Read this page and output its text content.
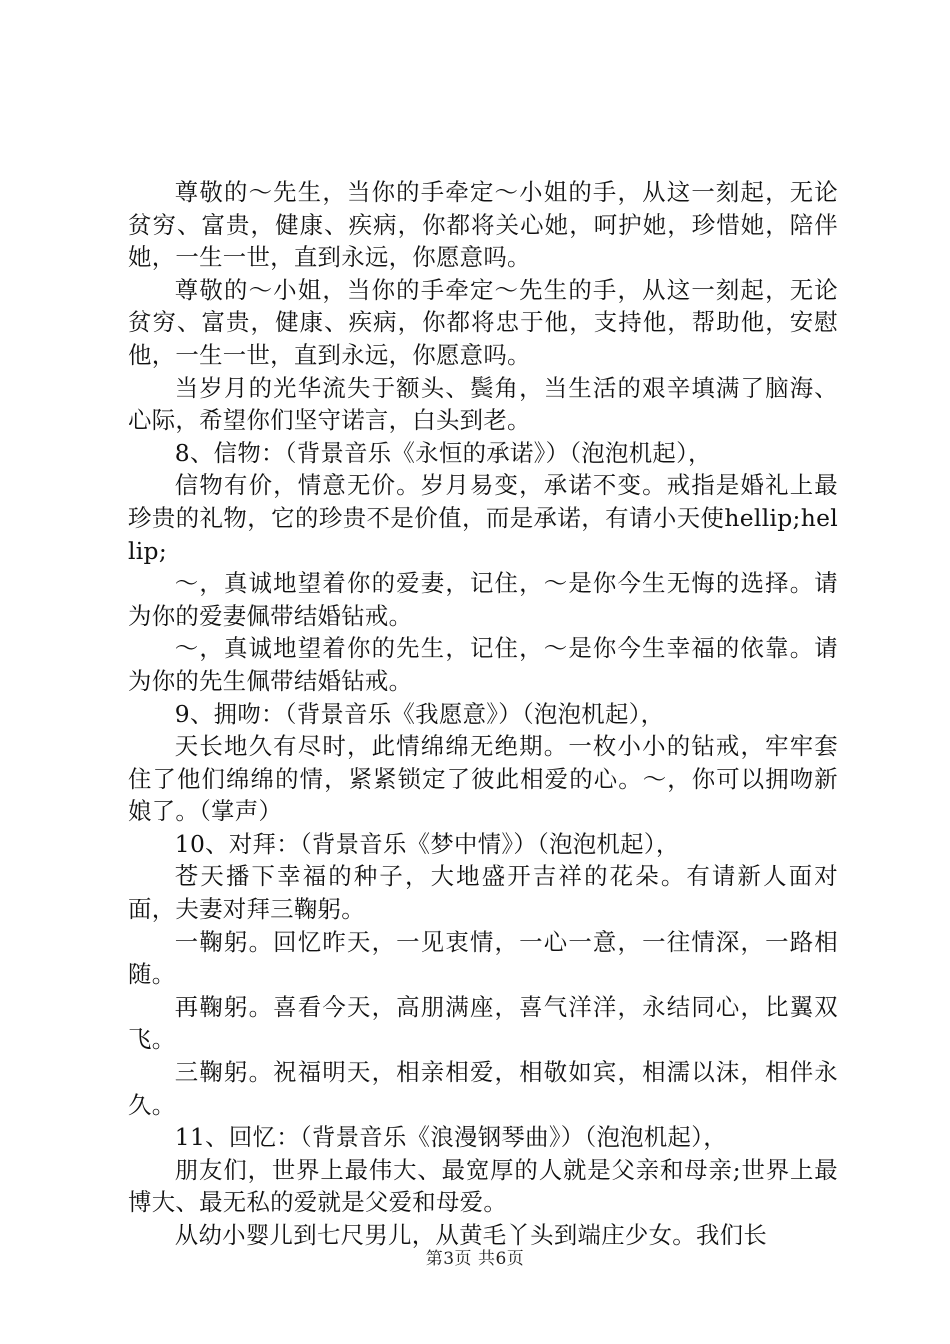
尊敬的～先生，当你的手牵定～小姐的手，从这一刻起，无论贫穷、富贵，健康、疾病，你都将关心她，呵护她，珍惜她，陪伴她，一生一世，直到永远，你愿意吗。

尊敬的～小姐，当你的手牵定～先生的手，从这一刻起，无论贫穷、富贵，健康、疾病，你都将忠于他，支持他，帮助他，安慰他，一生一世，直到永远，你愿意吗。

当岁月的光华流失于额头、鬓角，当生活的艰辛填满了脑海、心际，希望你们坚守诺言，白头到老。

8、信物：（背景音乐《永恒的承诺》）（泡泡机起），

信物有价，情意无价。岁月易变，承诺不变。戒指是婚礼上最珍贵的礼物，它的珍贵不是价值，而是承诺，有请小天使hellip;hellip;

～，真诚地望着你的爱妻，记住，～是你今生无悔的选择。请为你的爱妻佩带结婚钻戒。

～，真诚地望着你的先生，记住，～是你今生幸福的依靠。请为你的先生佩带结婚钻戒。

9、拥吻：（背景音乐《我愿意》）（泡泡机起），

天长地久有尽时，此情绵绵无绝期。一枚小小的钻戒，牢牢套住了他们绵绵的情，紧紧锁定了彼此相爱的心。～，你可以拥吻新娘了。（掌声）

10、对拜：（背景音乐《梦中情》）（泡泡机起），

苍天播下幸福的种子，大地盛开吉祥的花朵。有请新人面对面，夫妻对拜三鞠躬。

一鞠躬。回忆昨天，一见衷情，一心一意，一往情深，一路相随。

再鞠躬。喜看今天，高朋满座，喜气洋洋，永结同心，比翼双飞。

三鞠躬。祝福明天，相亲相爱，相敬如宾，相濡以沫，相伴永久。

11、回忆：（背景音乐《浪漫钢琴曲》）（泡泡机起），

朋友们，世界上最伟大、最宽厚的人就是父亲和母亲;世界上最博大、最无私的爱就是父爱和母爱。

从幼小婴儿到七尺男儿，从黄毛丫头到端庄少女。我们长

第3页 共6页
